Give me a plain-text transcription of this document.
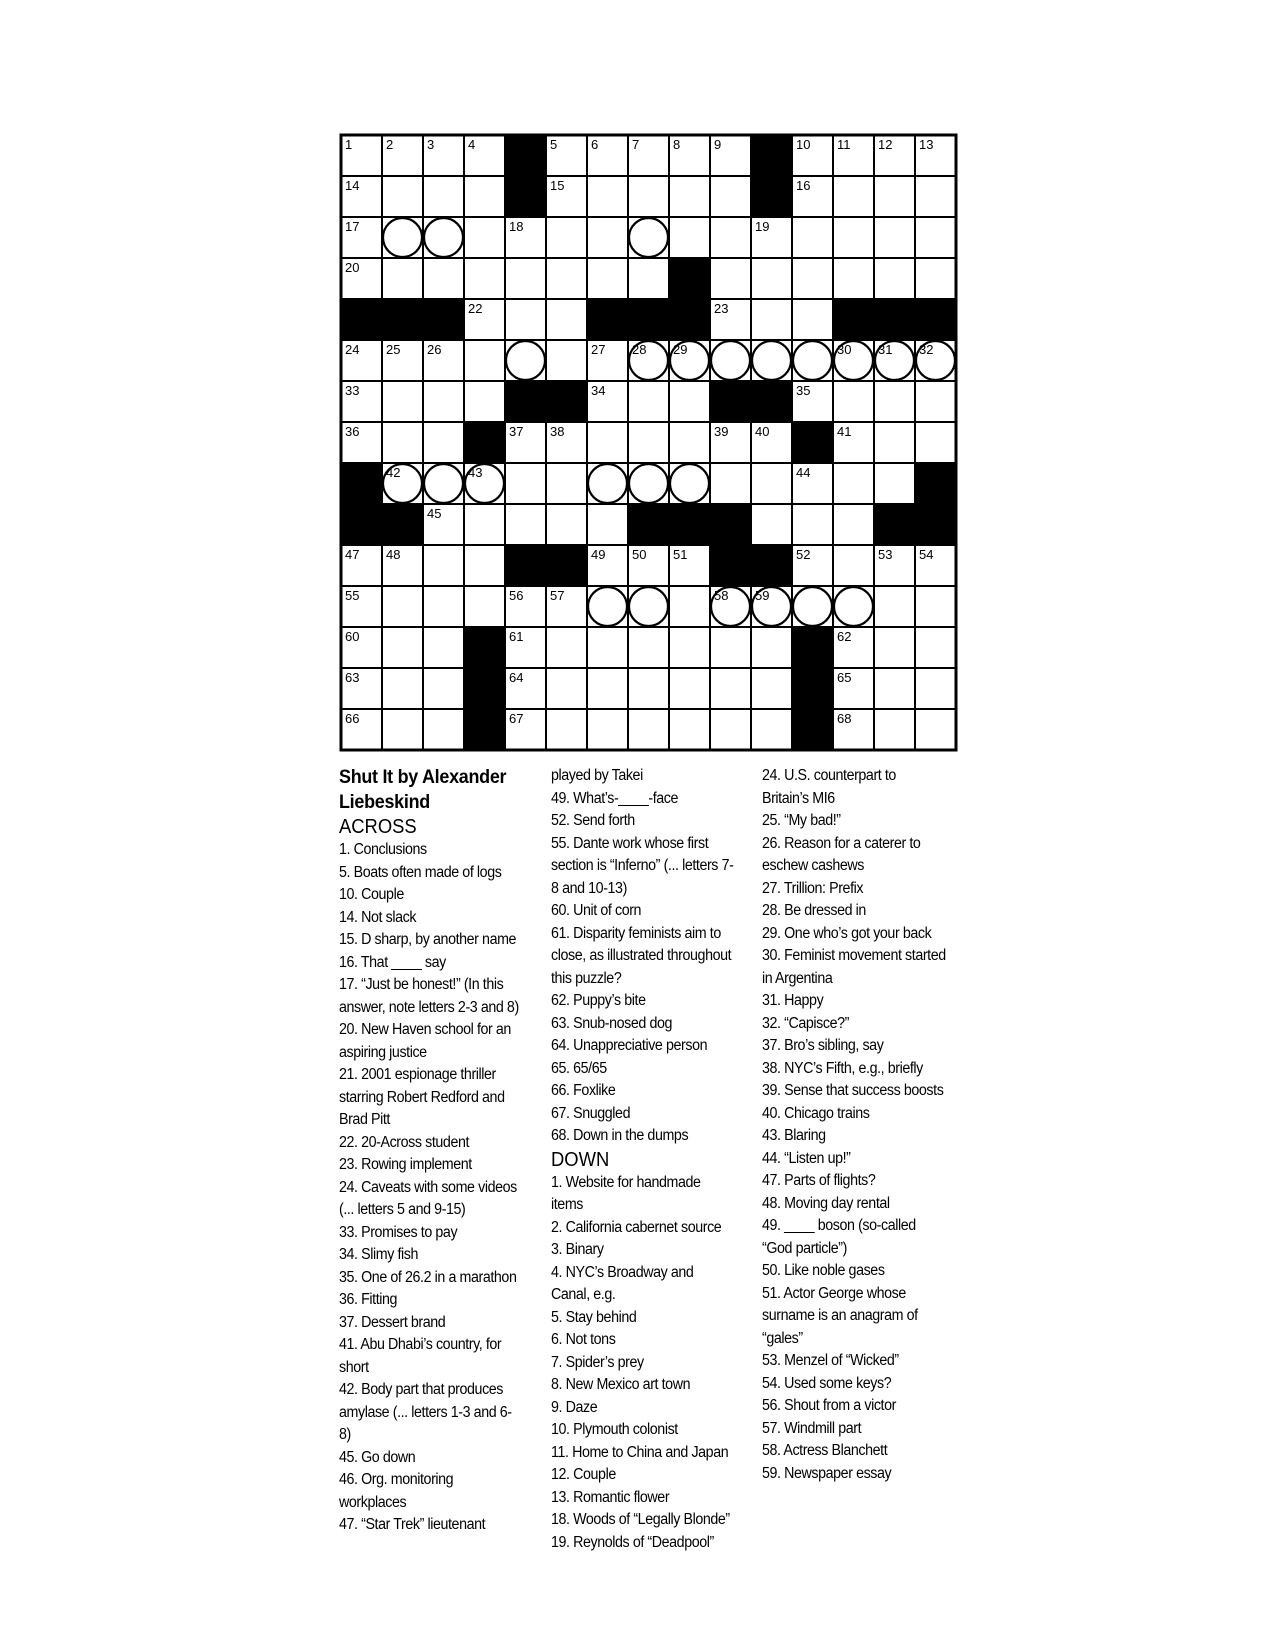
1	2	3	4	5	6	7	8	9	10 11 12 13
14	15	16
17	18	19
20	21
22	23
24 25 26	27 28 29	30 31 32
33	34	35
36	37 38	39 40	41
42	43	44
45	46
47 48	49 50 51	52	53 54
55	56 57	58 59
60	61	62
63	64	65
66	67	68
Shut It by Alexander Liebeskind
ACROSS
1. Conclusions
5. Boats often made of logs
10. Couple
14. Not slack
15. D sharp, by another name
16. That ____ say
17. “Just be honest!” (In this answer, note letters 2-3 and 8)
20. New Haven school for an aspiring justice
21. 2001 espionage thriller starring Robert Redford and Brad Pitt
22. 20-Across student
23. Rowing implement
24. Caveats with some videos (... letters 5 and 9-15)
33. Promises to pay
34. Slimy fish
35. One of 26.2 in a marathon
36. Fitting
37. Dessert brand
41. Abu Dhabi’s country, for short
42. Body part that produces amylase (... letters 1-3 and 6-8)
45. Go down
46. Org. monitoring workplaces
47. “Star Trek” lieutenant
played by Takei
49. What’s-____-face
52. Send forth
55. Dante work whose first section is “Inferno” (... letters 7-8 and 10-13)
60. Unit of corn
61. Disparity feminists aim to close, as illustrated throughout this puzzle?
62. Puppy’s bite
63. Snub-nosed dog
64. Unappreciative person
65. 65/65
66. Foxlike
67. Snuggled
68. Down in the dumps
DOWN
1. Website for handmade items
2. California cabernet source
3. Binary
4. NYC’s Broadway and Canal, e.g.
5. Stay behind
6. Not tons
7. Spider’s prey
8. New Mexico art town
9. Daze
10. Plymouth colonist
11. Home to China and Japan
12. Couple
13. Romantic flower
18. Woods of “Legally Blonde”
19. Reynolds of “Deadpool”
24. U.S. counterpart to Britain’s MI6
25. “My bad!”
26. Reason for a caterer to eschew cashews
27. Trillion: Prefix
28. Be dressed in
29. One who’s got your back
30. Feminist movement started in Argentina
31. Happy
32. “Capisce?”
37. Bro’s sibling, say
38. NYC’s Fifth, e.g., briefly
39. Sense that success boosts
40. Chicago trains
43. Blaring
44. “Listen up!”
47. Parts of flights?
48. Moving day rental
49. ____ boson (so-called “God particle”)
50. Like noble gases
51. Actor George whose surname is an anagram of “gales”
53. Menzel of “Wicked”
54. Used some keys?
56. Shout from a victor
57. Windmill part
58. Actress Blanchett
59. Newspaper essay
